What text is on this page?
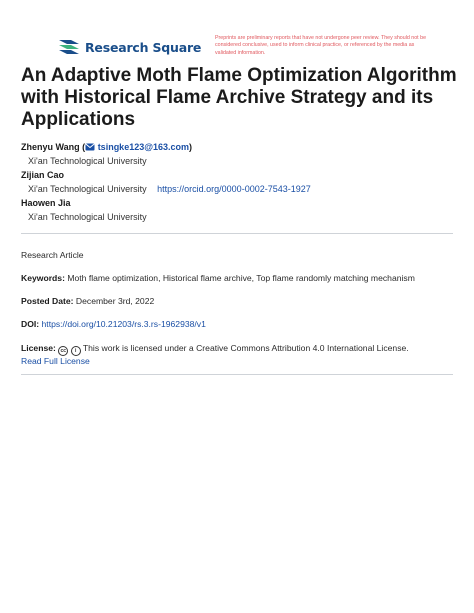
Research Square
Preprints are preliminary reports that have not undergone peer review. They should not be considered conclusive, used to inform clinical practice, or referenced by the media as validated information.
An Adaptive Moth Flame Optimization Algorithm with Historical Flame Archive Strategy and its Applications
Zhenyu Wang ( tsingke123@163.com)
Xi'an Technological University
Zijian Cao
Xi'an Technological University https://orcid.org/0000-0002-7543-1927
Haowen Jia
Xi'an Technological University
Research Article
Keywords: Moth flame optimization, Historical flame archive, Top flame randomly matching mechanism
Posted Date: December 3rd, 2022
DOI: https://doi.org/10.21203/rs.3.rs-1962938/v1
License: cc i This work is licensed under a Creative Commons Attribution 4.0 International License.
Read Full License
